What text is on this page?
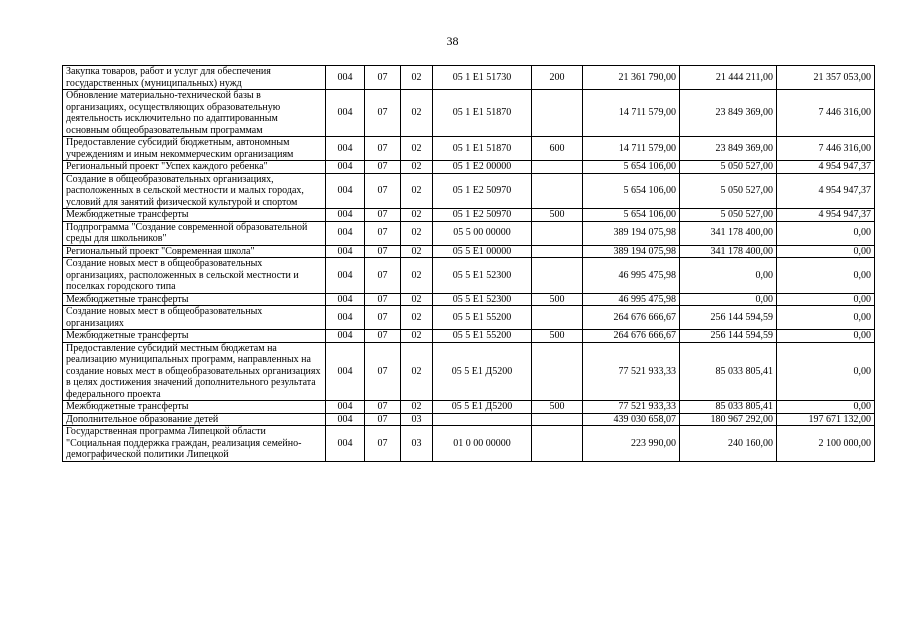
38
Закупка товаров, работ и услуг для обеспечения государственных (муниципальных) нужд	004	07	02	05 1 E1 51730	200	21 361 790,00	21 444 211,00	21 357 053,00
Обновление материально-технической базы в организациях, осуществляющих образовательную деятельность исключительно по адаптированным основным общеобразовательным программам	004	07	02	05 1 E1 51870		14 711 579,00	23 849 369,00	7 446 316,00
Предоставление субсидий бюджетным, автономным учреждениям и иным некоммерческим организациям	004	07	02	05 1 E1 51870	600	14 711 579,00	23 849 369,00	7 446 316,00
Региональный проект "Успех каждого ребенка"	004	07	02	05 1 E2 00000		5 654 106,00	5 050 527,00	4 954 947,37
Создание в общеобразовательных организациях, расположенных в сельской местности и малых городах, условий для занятий физической культурой и спортом	004	07	02	05 1 E2 50970		5 654 106,00	5 050 527,00	4 954 947,37
Межбюджетные трансферты	004	07	02	05 1 E2 50970	500	5 654 106,00	5 050 527,00	4 954 947,37
Подпрограмма "Создание современной образовательной среды для школьников"	004	07	02	05 5 00 00000		389 194 075,98	341 178 400,00	0,00
Региональный проект "Современная школа"	004	07	02	05 5 E1 00000		389 194 075,98	341 178 400,00	0,00
Создание новых мест в общеобразовательных организациях, расположенных в сельской местности и поселках городского типа	004	07	02	05 5 E1 52300		46 995 475,98	0,00	0,00
Межбюджетные трансферты	004	07	02	05 5 E1 52300	500	46 995 475,98	0,00	0,00
Создание новых мест в общеобразовательных организациях	004	07	02	05 5 E1 55200		264 676 666,67	256 144 594,59	0,00
Межбюджетные трансферты	004	07	02	05 5 E1 55200	500	264 676 666,67	256 144 594,59	0,00
Предоставление субсидий местным бюджетам на реализацию муниципальных программ, направленных на создание новых мест в общеобразовательных организациях в целях достижения значений дополнительного результата федерального проекта	004	07	02	05 5 E1 Д5200		77 521 933,33	85 033 805,41	0,00
Межбюджетные трансферты	004	07	02	05 5 E1 Д5200	500	77 521 933,33	85 033 805,41	0,00
Дополнительное образование детей	004	07	03			439 030 658,07	180 967 292,00	197 671 132,00
Государственная программа Липецкой области "Социальная поддержка граждан, реализация семейно-демографической политики Липецкой	004	07	03	01 0 00 00000		223 990,00	240 160,00	2 100 000,00
